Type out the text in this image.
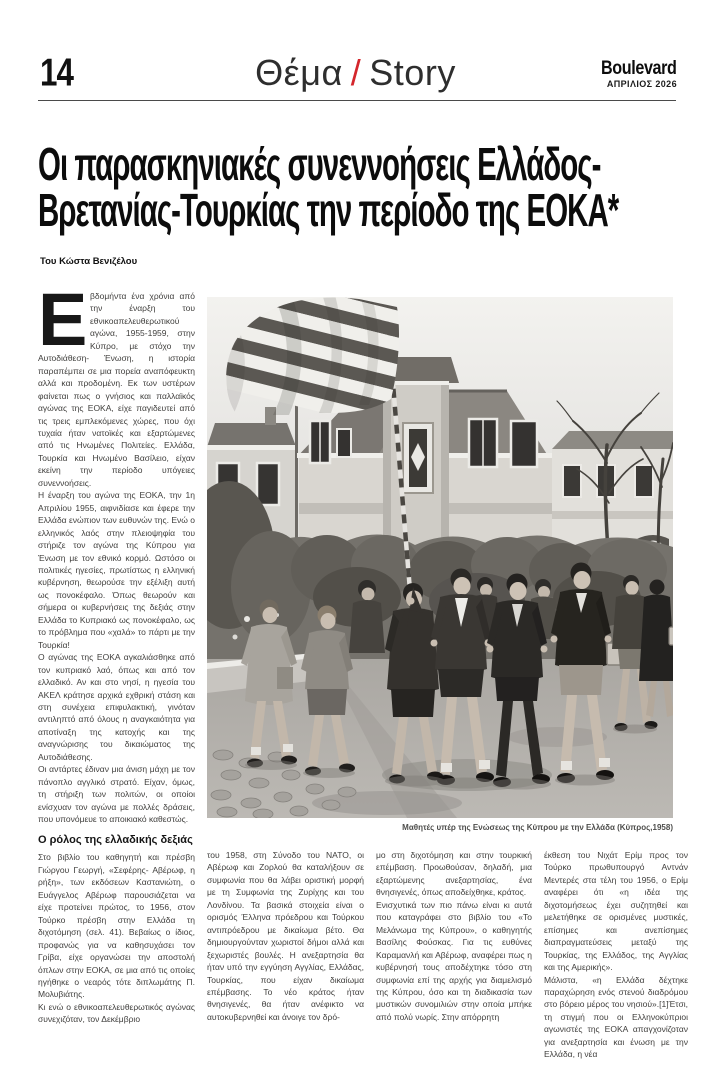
14	Θέμα / Story	Boulevard
ΑΠΡΙΛΙΟΣ 2026
Οι παρασκηνιακές συνεννοήσεις Ελλάδος-
Βρετανίας-Τουρκίας την περίοδο της ΕΟΚΑ*
Του Κώστα Βενιζέλου

Εβδομήντα ένα χρόνια από την έναρξη του εθνικοαπελευθερωτικού αγώνα, 1955-1959, στην Κύπρο, με στόχο την Αυτοδιάθεση- Ένωση, η ιστορία παραπέμπει σε μια πορεία αναπόφευκτη αλλά και προδομένη. Εκ των υστέρων φαίνεται πως ο γνήσιος και παλλαϊκός αγώνας της ΕΟΚΑ, είχε παγιδευτεί από τις τρεις εμπλεκόμενες χώρες, που όχι τυχαία ήταν νατοϊκές και εξαρτώμενες από τις Ηνωμένες Πολιτείες. Ελλάδα, Τουρκία και Ηνωμένο Βασίλειο, είχαν εκείνη την περίοδο υπόγειες συνεννοήσεις.

Η έναρξη του αγώνα της ΕΟΚΑ, την 1η Απριλίου 1955, αιφνιδίασε και έφερε την Ελλάδα ενώπιον των ευθυνών της. Ενώ ο ελληνικός λαός στην πλειοψηφία του στήριζε τον αγώνα της Κύπρου για Ένωση με τον εθνικό κορμό. Ωστόσο οι πολιτικές ηγεσίες, πρωτίστως η ελληνική κυβέρνηση, θεωρούσε την εξέλιξη αυτή ως πονοκέφαλο. Όπως θεωρούν και σήμερα οι κυβερνήσεις της δεξιάς στην Ελλάδα το Κυπριακό ως πονοκέφαλο, ως το πρόβλημα που «χαλά» το πάρτι με την Τουρκία!

Ο αγώνας της ΕΟΚΑ αγκαλιάσθηκε από τον κυπριακό λαό, όπως και από τον ελλαδικό. Αν και στο νησί, η ηγεσία του ΑΚΕΛ κράτησε αρχικά εχθρική στάση και στη συνέχεια επιφυλακτική, γινόταν αντιληπτό από όλους η αναγκαιότητα για αποτίναξη της κατοχής και της αναγνώρισης του δικαιώματος της Αυτοδιάθεσης.

Οι αντάρτες έδιναν μια άνιση μάχη με τον πάνοπλο αγγλικό στρατό. Είχαν, όμως, τη στήριξη των πολιτών, οι οποίοι ενίσχυαν τον αγώνα με πολλές δράσεις, που υπονόμευε το αποικιακό καθεστώς.

Ο ρόλος της ελλαδικής δεξιάς

Στο βιβλίο του καθηγητή και πρέσβη Γιώργου Γεωργή, «Σεφέρης- Αβέρωφ, η ρήξη», των εκδόσεων Καστανιώτη, ο Ευάγγελος Αβέρωφ παρουσιάζεται να είχε προτείνει πρώτος, το 1956, στον Τούρκο πρέσβη στην Ελλάδα τη διχοτόμηση (σελ. 41). Βεβαίως ο ίδιος, προφανώς για να καθησυχάσει τον Γρίβα, είχε οργανώσει την αποστολή όπλων στην ΕΟΚΑ, σε μια από τις οποίες ηγήθηκε ο νεαρός τότε διπλωμάτης Π. Μολυβιάτης.

Κι ενώ ο εθνικοαπελευθερωτικός αγώνας συνεχιζόταν, τον Δεκέμβριο

Μαθητές υπέρ της Ενώσεως της Κύπρου με την Ελλάδα (Κύπρος,1958)

του 1958, στη Σύνοδο του ΝΑΤΟ, οι Αβέρωφ και Ζορλού θα καταλήξουν σε συμφωνία που θα λάβει οριστική μορφή με τη Συμφωνία της Ζυρίχης και του Λονδίνου. Τα βασικά στοιχεία είναι ο ορισμός Έλληνα πρόεδρου και Τούρκου αντιπρόεδρου με δικαίωμα βέτο. Θα δημιουργούνταν χωριστοί δήμοι αλλά και ξεχωριστές βουλές. Η ανεξαρτησία θα ήταν υπό την εγγύηση Αγγλίας, Ελλάδας, Τουρκίας, που είχαν δικαίωμα επέμβασης. Το νέο κράτος ήταν θνησιγενές, θα ήταν ανέφικτο να αυτοκυβερνηθεί και άνοιγε τον δρό-

μο στη διχοτόμηση και στην τουρκική επέμβαση. Προωθούσαν, δηλαδή, μια εξαρτώμενης ανεξαρτησίας, ένα θνησιγενές, όπως αποδείχθηκε, κράτος.

Ενισχυτικά των πιο πάνω είναι κι αυτά που καταγράφει στο βιβλίο του «Το Μελάνωμα της Κύπρου», ο καθηγητής Βασίλης Φούσκας. Για τις ευθύνες Καραμανλή και Αβέρωφ, αναφέρει πως η κυβέρνησή τους αποδέχτηκε τόσο στη συμφωνία επί της αρχής για διαμελισμό της Κύπρου, όσο και τη διαδικασία των μυστικών συνομιλιών στην οποία μπήκε από πολύ νωρίς. Στην απόρρητη

έκθεση του Νιχάτ Ερίμ προς τον Τούρκο πρωθυπουργό Αντνάν Μεντερές στα τέλη του 1956, ο Ερίμ αναφέρει ότι «η ιδέα της διχοτομήσεως έχει συζητηθεί και μελετήθηκε σε ορισμένες μυστικές, επίσημες και ανεπίσημες διαπραγματεύσεις μεταξύ της Τουρκίας, της Ελλάδος, της Αγγλίας και της Αμερικής».

Μάλιστα, «η Ελλάδα δέχτηκε παραχώρηση ενός στενού διαδρόμου στο βόρειο μέρος του νησιού».[1]Έτσι, τη στιγμή που οι Ελληνοκύπριοι αγωνιστές της ΕΟΚΑ απαγχονίζοταν για ανεξαρτησία και ένωση με την Ελλάδα, η νέα
